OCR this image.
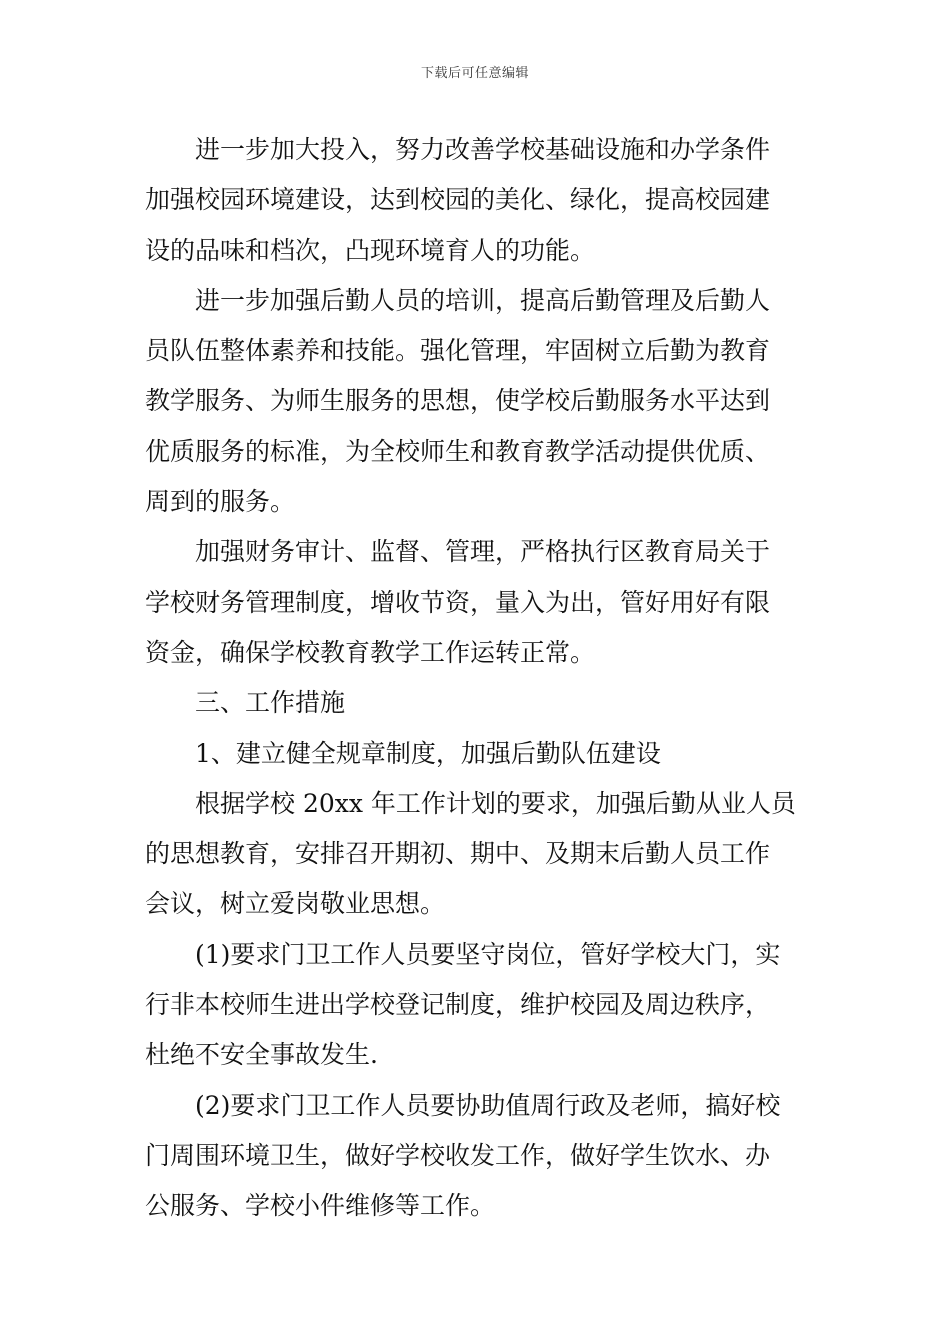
下载后可任意编辑
进一步加大投入，努力改善学校基础设施和办学条件
加强校园环境建设，达到校园的美化、绿化，提高校园建
设的品味和档次，凸现环境育人的功能。
进一步加强后勤人员的培训，提高后勤管理及后勤人
员队伍整体素养和技能。强化管理，牢固树立后勤为教育
教学服务、为师生服务的思想，使学校后勤服务水平达到
优质服务的标准，为全校师生和教育教学活动提供优质、
周到的服务。
加强财务审计、监督、管理，严格执行区教育局关于
学校财务管理制度，增收节资，量入为出，管好用好有限
资金，确保学校教育教学工作运转正常。
三、工作措施
1、建立健全规章制度，加强后勤队伍建设
根据学校 20xx 年工作计划的要求，加强后勤从业人员
的思想教育，安排召开期初、期中、及期末后勤人员工作
会议，树立爱岗敬业思想。
(1)要求门卫工作人员要坚守岗位，管好学校大门，实
行非本校师生进出学校登记制度，维护校园及周边秩序，
杜绝不安全事故发生.
(2)要求门卫工作人员要协助值周行政及老师，搞好校
门周围环境卫生，做好学校收发工作，做好学生饮水、办
公服务、学校小件维修等工作。
